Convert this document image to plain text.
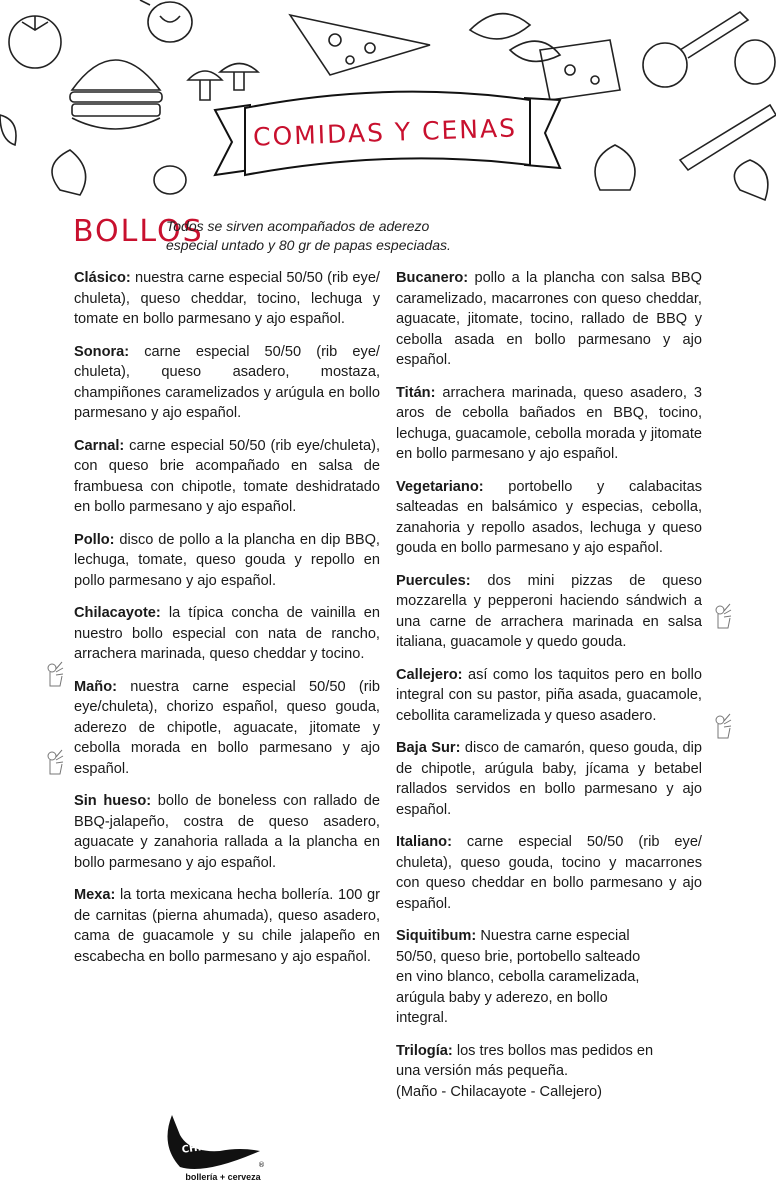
COMIDAS Y CENAS
BOLLOS
Todos se sirven acompañados de aderezo
especial untado y 80 gr de papas especiadas.

Clásico: nuestra carne especial 50/50 (rib eye/ chuleta), queso cheddar, tocino, lechuga y tomate en bollo parmesano y ajo español.

Sonora: carne especial 50/50 (rib eye/ chuleta), queso asadero, mostaza, champiñones caramelizados y arúgula en bollo parmesano y ajo español.

Carnal: carne especial 50/50 (rib eye/chuleta), con queso brie acompañado en salsa de frambuesa con chipotle, tomate deshidratado en bollo parmesano y ajo español.

Pollo: disco de pollo a la plancha en dip BBQ, lechuga, tomate, queso gouda y repollo en pollo parmesano y ajo español.

Chilacayote: la típica concha de vainilla en nuestro bollo especial con nata de rancho, arrachera marinada, queso cheddar y tocino.

Maño: nuestra carne especial 50/50 (rib eye/chuleta), chorizo español, queso gouda, aderezo de chipotle, aguacate, jitomate y cebolla morada en bollo parmesano y ajo español.

Sin hueso: bollo de boneless con rallado de BBQ-jalapeño, costra de queso asadero, aguacate y zanahoria rallada a la plancha en bollo parmesano y ajo español.

Mexa: la torta mexicana hecha bollería. 100 gr de carnitas (pierna ahumada), queso asadero, cama de guacamole y su chile jalapeño en escabecha en bollo parmesano y ajo español.

Bucanero: pollo a la plancha con salsa BBQ caramelizado, macarrones con queso cheddar, aguacate, jitomate, tocino, rallado de BBQ y cebolla asada en bollo parmesano y ajo español.

Titán: arrachera marinada, queso asadero, 3 aros de cebolla bañados en BBQ, tocino, lechuga, guacamole, cebolla morada y jitomate en bollo parmesano y ajo español.

Vegetariano: portobello y calabacitas salteadas en balsámico y especias, cebolla, zanahoria y repollo asados, lechuga y queso gouda en bollo parmesano y ajo español.

Puercules: dos mini pizzas de queso mozzarella y pepperoni haciendo sándwich a una carne de arrachera marinada en salsa italiana, guacamole y quedo gouda.

Callejero: así como los taquitos pero en bollo integral con su pastor, piña asada, guacamole, cebollita caramelizada y queso asadero.

Baja Sur: disco de camarón, queso gouda, dip de chipotle, arúgula baby, jícama y betabel rallados servidos en bollo parmesano y ajo español.

Italiano: carne especial 50/50 (rib eye/ chuleta), queso gouda, tocino y macarrones con queso cheddar en bollo parmesano y ajo español.

Siquitibum: Nuestra carne especial
50/50, queso brie, portobello salteado
en vino blanco, cebolla caramelizada,
arúgula baby y aderezo, en bollo
integral.

Trilogía: los tres bollos mas pedidos en
una versión más pequeña.
(Maño - Chilacayote - Callejero)

CHILACAYOTE
®
bollería + cerveza
